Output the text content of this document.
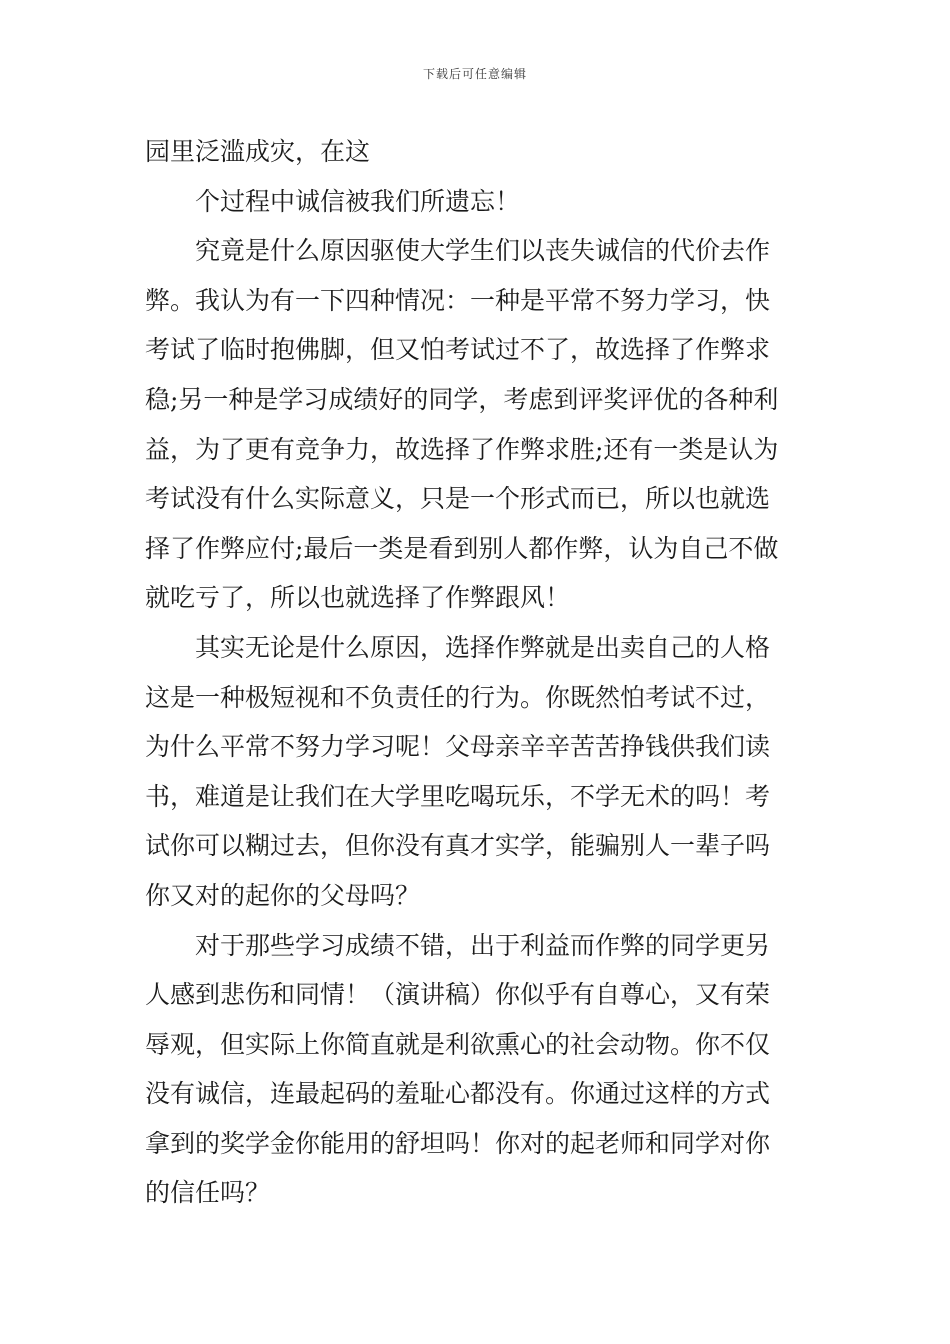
下载后可任意编辑
园里泛滥成灾，在这
个过程中诚信被我们所遗忘！
究竟是什么原因驱使大学生们以丧失诚信的代价去作
弊。我认为有一下四种情况：一种是平常不努力学习，快
考试了临时抱佛脚，但又怕考试过不了，故选择了作弊求
稳;另一种是学习成绩好的同学，考虑到评奖评优的各种利
益，为了更有竞争力，故选择了作弊求胜;还有一类是认为
考试没有什么实际意义，只是一个形式而已，所以也就选
择了作弊应付;最后一类是看到别人都作弊，认为自己不做
就吃亏了，所以也就选择了作弊跟风！
其实无论是什么原因，选择作弊就是出卖自己的人格
这是一种极短视和不负责任的行为。你既然怕考试不过，
为什么平常不努力学习呢！父母亲辛辛苦苦挣钱供我们读
书，难道是让我们在大学里吃喝玩乐，不学无术的吗！考
试你可以糊过去，但你没有真才实学，能骗别人一辈子吗
你又对的起你的父母吗？
对于那些学习成绩不错，出于利益而作弊的同学更另
人感到悲伤和同情！（演讲稿）你似乎有自尊心，又有荣
辱观，但实际上你简直就是利欲熏心的社会动物。你不仅
没有诚信，连最起码的羞耻心都没有。你通过这样的方式
拿到的奖学金你能用的舒坦吗！你对的起老师和同学对你
的信任吗？
